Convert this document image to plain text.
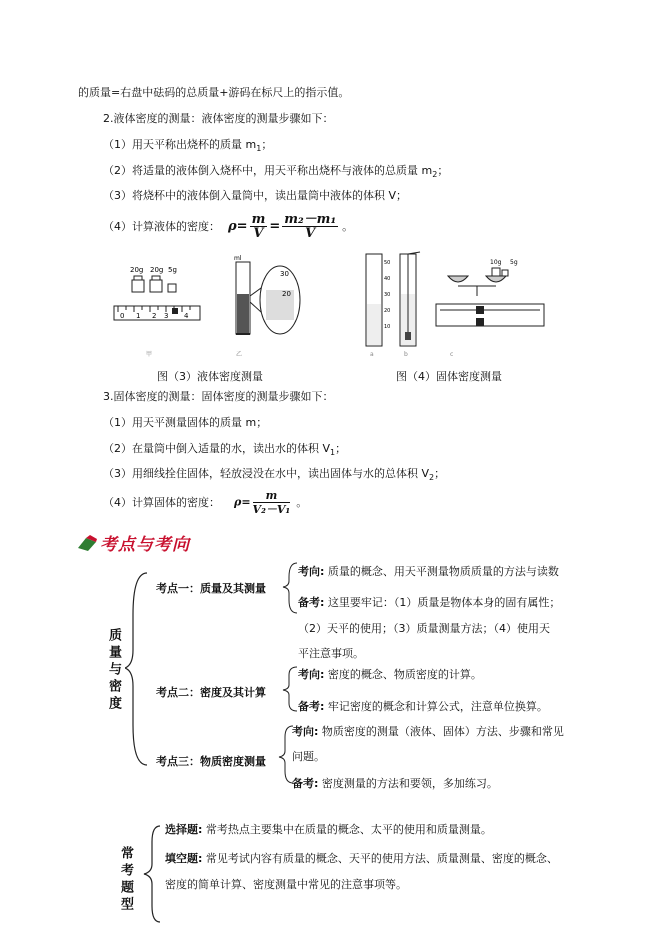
的质量=右盘中砝码的总质量+游码在标尺上的指示值。
2.液体密度的测量：液体密度的测量步骤如下：
（1）用天平称出烧杯的质量 $m_1$；
（2）将适量的液体倒入烧杯中，用天平称出烧杯与液体的总质量 $m_2$；
（3）将烧杯中的液体倒入量筒中，读出量筒中液体的体积 V；
（4）计算液体的密度： $\rho= \frac{m}{V} = \frac{\text{m₂－m₁}}{V}$ 。
20g 20g 5g
0 1 2 3 4
ml
30
20
甲	乙
50
40
30
20
10
10g 5g
a	b	c
图（3）液体密度测量	图（4）固体密度测量
3.固体密度的测量：固体密度的测量步骤如下：
（1）用天平测量固体的质量 m；
（2）在量筒中倒入适量的水，读出水的体积 $V_1$；
（3）用细线拴住固体，轻放浸没在水中，读出固体与水的总体积 $V_2$；
（4）计算固体的密度： $\rho= \frac{m}{\text{V₂－V₁}}$ 。
考点与考向
质量与密度
考点一：质量及其测量
考向: 质量的概念、用天平测量物质质量的方法与读数
备考: 这里要牢记：（1）质量是物体本身的固有属性；
（2）天平的使用；（3）质量测量方法；（4）使用天
平注意事项。
考点二：密度及其计算
考向: 密度的概念、物质密度的计算。
备考: 牢记密度的概念和计算公式，注意单位换算。
考点三：物质密度测量
考向: 物质密度的测量（液体、固体）方法、步骤和常见
问题。
备考: 密度测量的方法和要领，多加练习。
常考题型
选择题: 常考热点主要集中在质量的概念、太平的使用和质量测量。
填空题: 常见考试内容有质量的概念、天平的使用方法、质量测量、密度的概念、
密度的简单计算、密度测量中常见的注意事项等。
